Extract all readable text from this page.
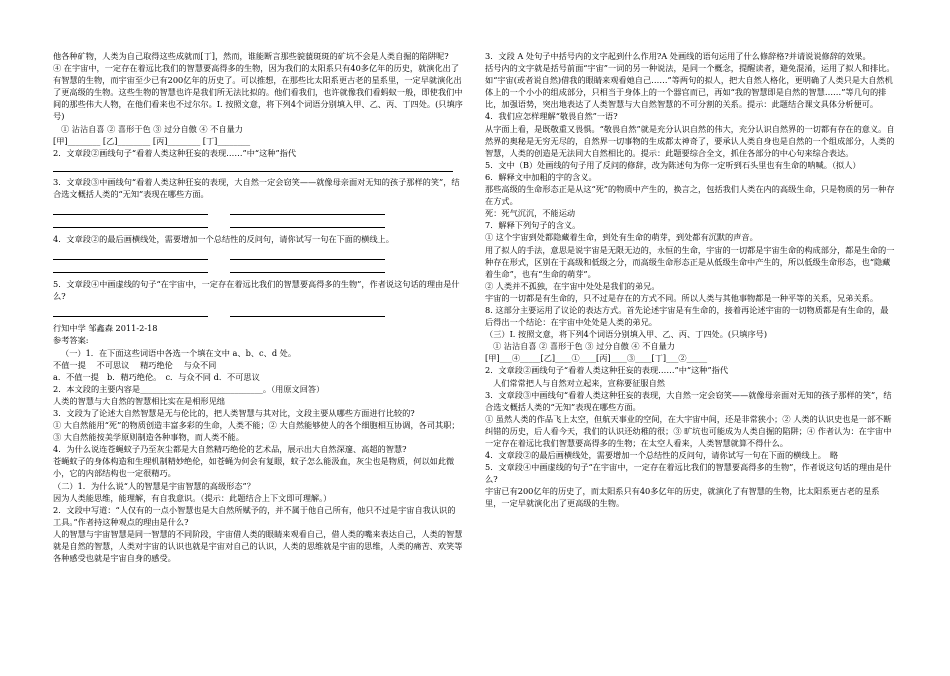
他各种矿物，人类为自己取得这些成就而[丁]，然而，谁能断言那些貌藐斑斑的矿坑不会是人类自掘的陷阱呢?

④ 在宇宙中，一定存在着远比我们的智慧要高得多的生物，因为我们的太阳系只有40多亿年的历史，就演化出了有智慧的生物，而宇宙至少已有200亿年的历史了。可以推想，在那些比太阳系更古老的星系里，一定早就演化出了更高级的生物。这些生物的智慧也许是我们所无法比拟的。他们看我们，也许就像我们看蚂蚁一般，即使我们中间的那些伟大人物，在他们看来也不过尔尔。I. 按照文意，将下列4个词语分别填入甲、乙、丙、丁四处。(只填序号)

① 沾沾自喜 ② 喜形于色 ③ 过分自傲 ④ 不自量力

[甲]________ [乙]________ [丙]________ [丁]________

2．文章段②画线句子“看着人类这种狂妄的表现……”中“这种”指代

3．文章段③中画线句“看着人类这种狂妄的表现，大自然一定会窃笑——就像母亲面对无知的孩子那样的笑”，结合选文概括人类的“无知”表现在哪些方面。

4．文章段②的最后画横线处，需要增加一个总结性的反问句，请你试写一句在下面的横线上。

5．文章段④中画虚线的句子“在宇宙中，一定存在着远比我们的智慧要高得多的生物”，作者说这句话的理由是什么?

行知中学 邹鑫森 2011-2-18

参考答案:

（一）1．在下面这些词语中各选一个填在文中 a、b、c、d 处。

不值一提　 不可思议　 精巧绝伦　 与众不同

a．不值一提　b．精巧绝伦。　c．与众不同 d．不可思议

2．本文段的主要内容是______________________________。（用原文回答）

人类的智慧与大自然的智慧相比实在是相形见绌

3．文段为了论述大自然智慧是无与伦比的，把人类智慧与其对比，文段主要从哪些方面进行比较的?

① 大自然能用“死”的物质创造丰富多彩的生命，人类不能；② 大自然能够使人的各个细胞相互协调，各司其职；③ 大自然能按美学原则制造各种事物，而人类不能。

4．为什么说连苍蝇蚊子乃至灰尘都是大自然精巧绝伦的艺术品，展示出大自然深邃、高超的智慧?

苍蝇蚊子的身体构造和生理机制精妙绝伦，如苍蝇为何会有复眼，蚊子怎么能汲血，灰尘也是物质，何以如此微小，它的内部结构也一定很精巧。

（二）1．为什么说“人的智慧是宇宙智慧的高级形态”？

因为人类能思维，能理解，有自我意识。（提示：此题结合上下文即可理解。）

2．文段中写道：“人仅有的一点小智慧也是大自然所赋予的，并不属于他自己所有，他只不过是宇宙自我认识的工具。”作者持这种观点的理由是什么?

人的智慧与宇宙智慧是同一智慧的不同阶段，宇宙借人类的眼睛来观看自己，借人类的嘴来表达自己，人类的智慧就是自然的智慧，人类对宇宙的认识也就是宇宙对自己的认识，人类的思维就是宇宙的思维，人类的痛苦、欢笑等各种感受也就是宇宙自身的感受。

3．文段 A 处句子中括号内的文字起到什么作用?A 处画线的语句运用了什么修辞格?并请说说修辞的效果。

括号内的文字就是括号前面“宇宙”一词的另一种说法，是同一个概念，提醒读者，避免混淆，运用了拟人和排比。如“宇宙(或者说自然)借我的眼睛来观看她自己……”等两句的拟人，把大自然人格化，更明确了人类只是大自然机体上的一个小小的组成部分，只相当于身体上的一个器官而已，再如“我的智慧即是自然的智慧……”等几句的排比，加强语势，突出地表达了人类智慧与大自然智慧的不可分割的关系。提示：此题结合课文具体分析便可。

4．我们应怎样理解“敬畏自然”一语?

从字面上看，是既敬重又畏惧。“敬畏自然”就是充分认识自然的伟大，充分认识自然界的一切都有存在的意义。自然界的奥秘是无穷无尽的，自然界一切事物的生成都太神奇了，要承认人类自身也是自然的一个组成部分，人类的智慧，人类的创造是无法同大自然相比的。提示：此题要综合全文，抓住各部分的中心句来综合表达。

5．文中（B）处画线的句子用了反问的修辞，改为陈述句为你一定听到石头里也有生命的呐喊。（拟人）

6．解释文中加粗的字的含义。

那些高级的生命形态正是从这“死”的物质中产生的，换言之，包括我们人类在内的高级生命，只是物质的另一种存在方式。

死：死气沉沉，不能运动

7．解释下列句子的含义。

① 这个宇宙到处都隐藏着生命，到处有生命的萌芽，到处都有沉默的声音。

用了拟人的手法，意思是说宇宙是无限无边的，永恒的生命，宇宙的一切都是宇宙生命的构成部分，都是生命的一种存在形式，区别在于高级和低级之分，而高级生命形态正是从低级生命中产生的，所以低级生命形态，也“隐藏着生命”，也有“生命的萌芽”。

② 人类并不孤独，在宇宙中处处是我们的弟兄。

宇宙的一切都是有生命的，只不过是存在的方式不同。所以人类与其他事物都是一种平等的关系，兄弟关系。

8. 这部分主要运用了议论的表达方式。首先论述宇宙是有生命的，接着再论述宇宙的一切物质都是有生命的，最后得出一个结论：在宇宙中处处是人类的弟兄。

（三）I. 按照文意，将下列4个词语分别填入甲、乙、丙、丁四处。(只填序号)

① 沾沾自喜 ② 喜形于色 ③ 过分自傲 ④ 不自量力

[甲]___④_____[乙]____①____[丙]____③____[丁]___②_____

2．文章段②画线句子“看着人类这种狂妄的表现……”中“这种”指代

人们常常把人与自然对立起来，宣称要征服自然

3．文章段③中画线句“看着人类这种狂妄的表现，大自然一定会窃笑——就像母亲面对无知的孩子那样的笑”，结合选文概括人类的“无知”表现在哪些方面。

① 虽然人类的作品飞上太空，但航天事业的空间，在大宇宙中间，还是非常狭小；② 人类的认识史也是一部不断纠错的历史，后人看今天，我们的认识还幼稚的很；③ 旷坑也可能成为人类自掘的陷阱；④ 作者认为：在宇宙中一定存在着远比我们智慧要高得多的生物；在太空人看来，人类智慧就算不得什么。

4．文章段②的最后画横线处，需要增加一个总结性的反问句，请你试写一句在下面的横线上。　略

5．文章段④中画虚线的句子“在宇宙中，一定存在着远比我们的智慧要高得多的生物”，作者说这句话的理由是什么?

宇宙已有200亿年的历史了，而太阳系只有40多亿年的历史，就演化了有智慧的生物，比太阳系更古老的星系里，一定早就演化出了更高级的生物。
